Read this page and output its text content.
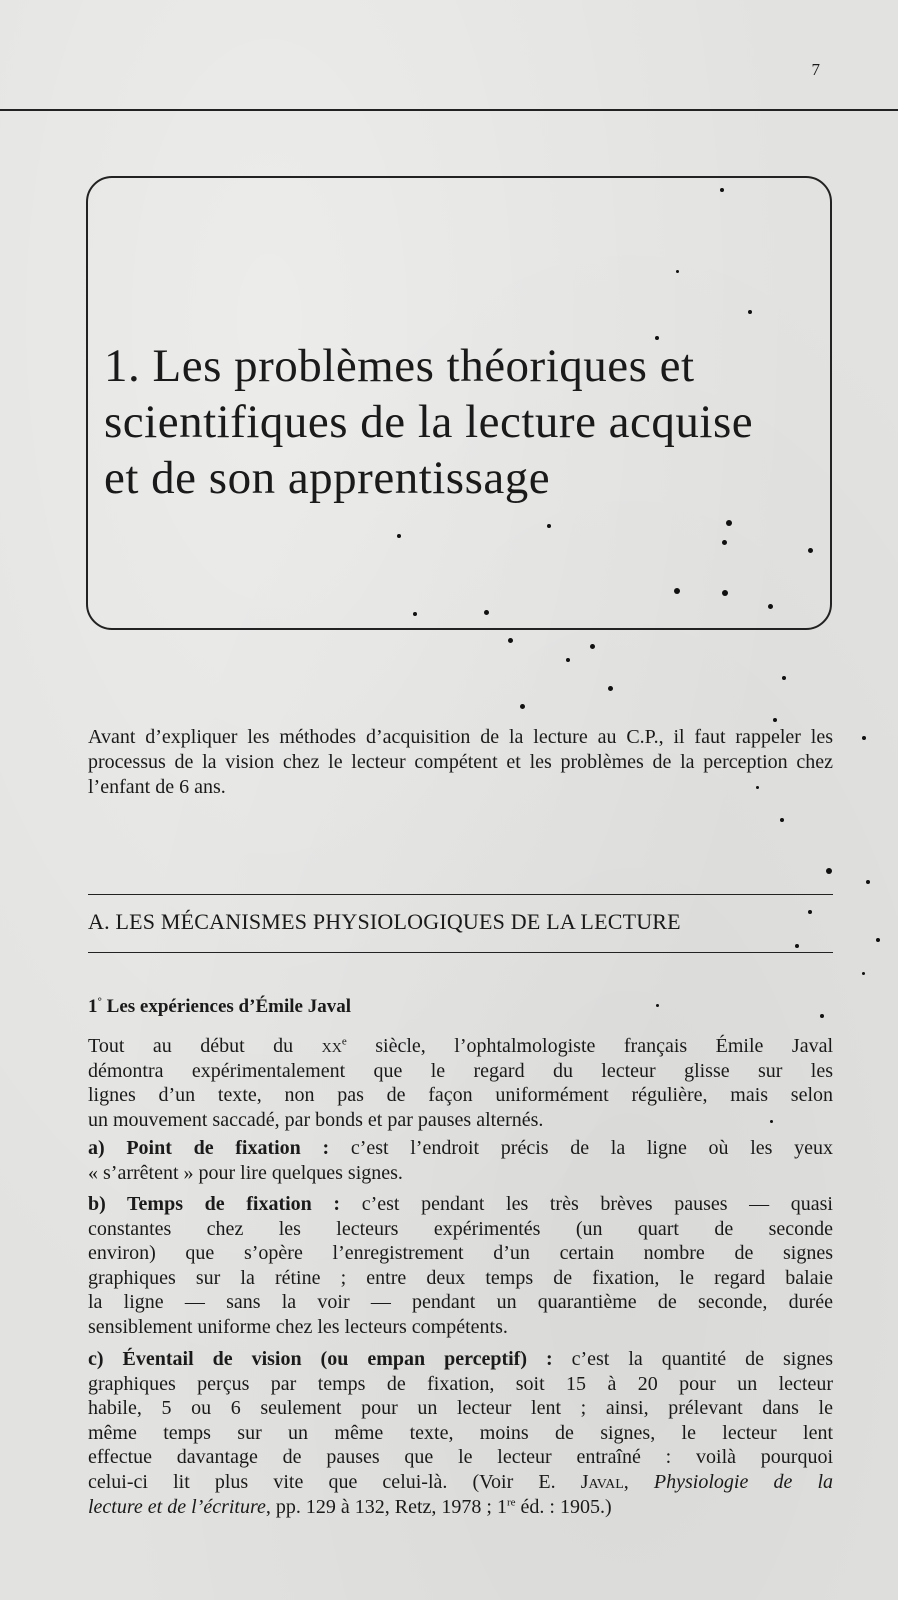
7
1. Les problèmes théoriques et
scientifiques de la lecture acquise
et de son apprentissage

Avant d’expliquer les méthodes d’acquisition de la lecture au C.P., il faut rappeler les processus de la vision chez le lecteur compétent et les problèmes de la perception chez l’enfant de 6 ans.

A. LES MÉCANISMES PHYSIOLOGIQUES DE LA LECTURE
1° Les expériences d’Émile Javal
Tout au début du $xx^e$ siècle, l’ophtalmologiste français Émile Javal
démontra expérimentalement que le regard du lecteur glisse sur les
lignes d’un texte, non pas de façon uniformément régulière, mais selon
un mouvement saccadé, par bonds et par pauses alternés.
a) Point de fixation : c’est l’endroit précis de la ligne où les yeux
« s’arrêtent » pour lire quelques signes.
b) Temps de fixation : c’est pendant les très brèves pauses — quasi
constantes chez les lecteurs expérimentés (un quart de seconde
environ) que s’opère l’enregistrement d’un certain nombre de signes
graphiques sur la rétine ; entre deux temps de fixation, le regard balaie
la ligne — sans la voir — pendant un quarantième de seconde, durée
sensiblement uniforme chez les lecteurs compétents.
c) Éventail de vision (ou empan perceptif) : c’est la quantité de signes
graphiques perçus par temps de fixation, soit 15 à 20 pour un lecteur
habile, 5 ou 6 seulement pour un lecteur lent ; ainsi, prélevant dans le
même temps sur un même texte, moins de signes, le lecteur lent
effectue davantage de pauses que le lecteur entraîné : voilà pourquoi
celui-ci lit plus vite que celui-là. (Voir E. Javal, Physiologie de la
lecture et de l’écriture, pp. 129 à 132, Retz, 1978 ; 1re éd. : 1905.)
